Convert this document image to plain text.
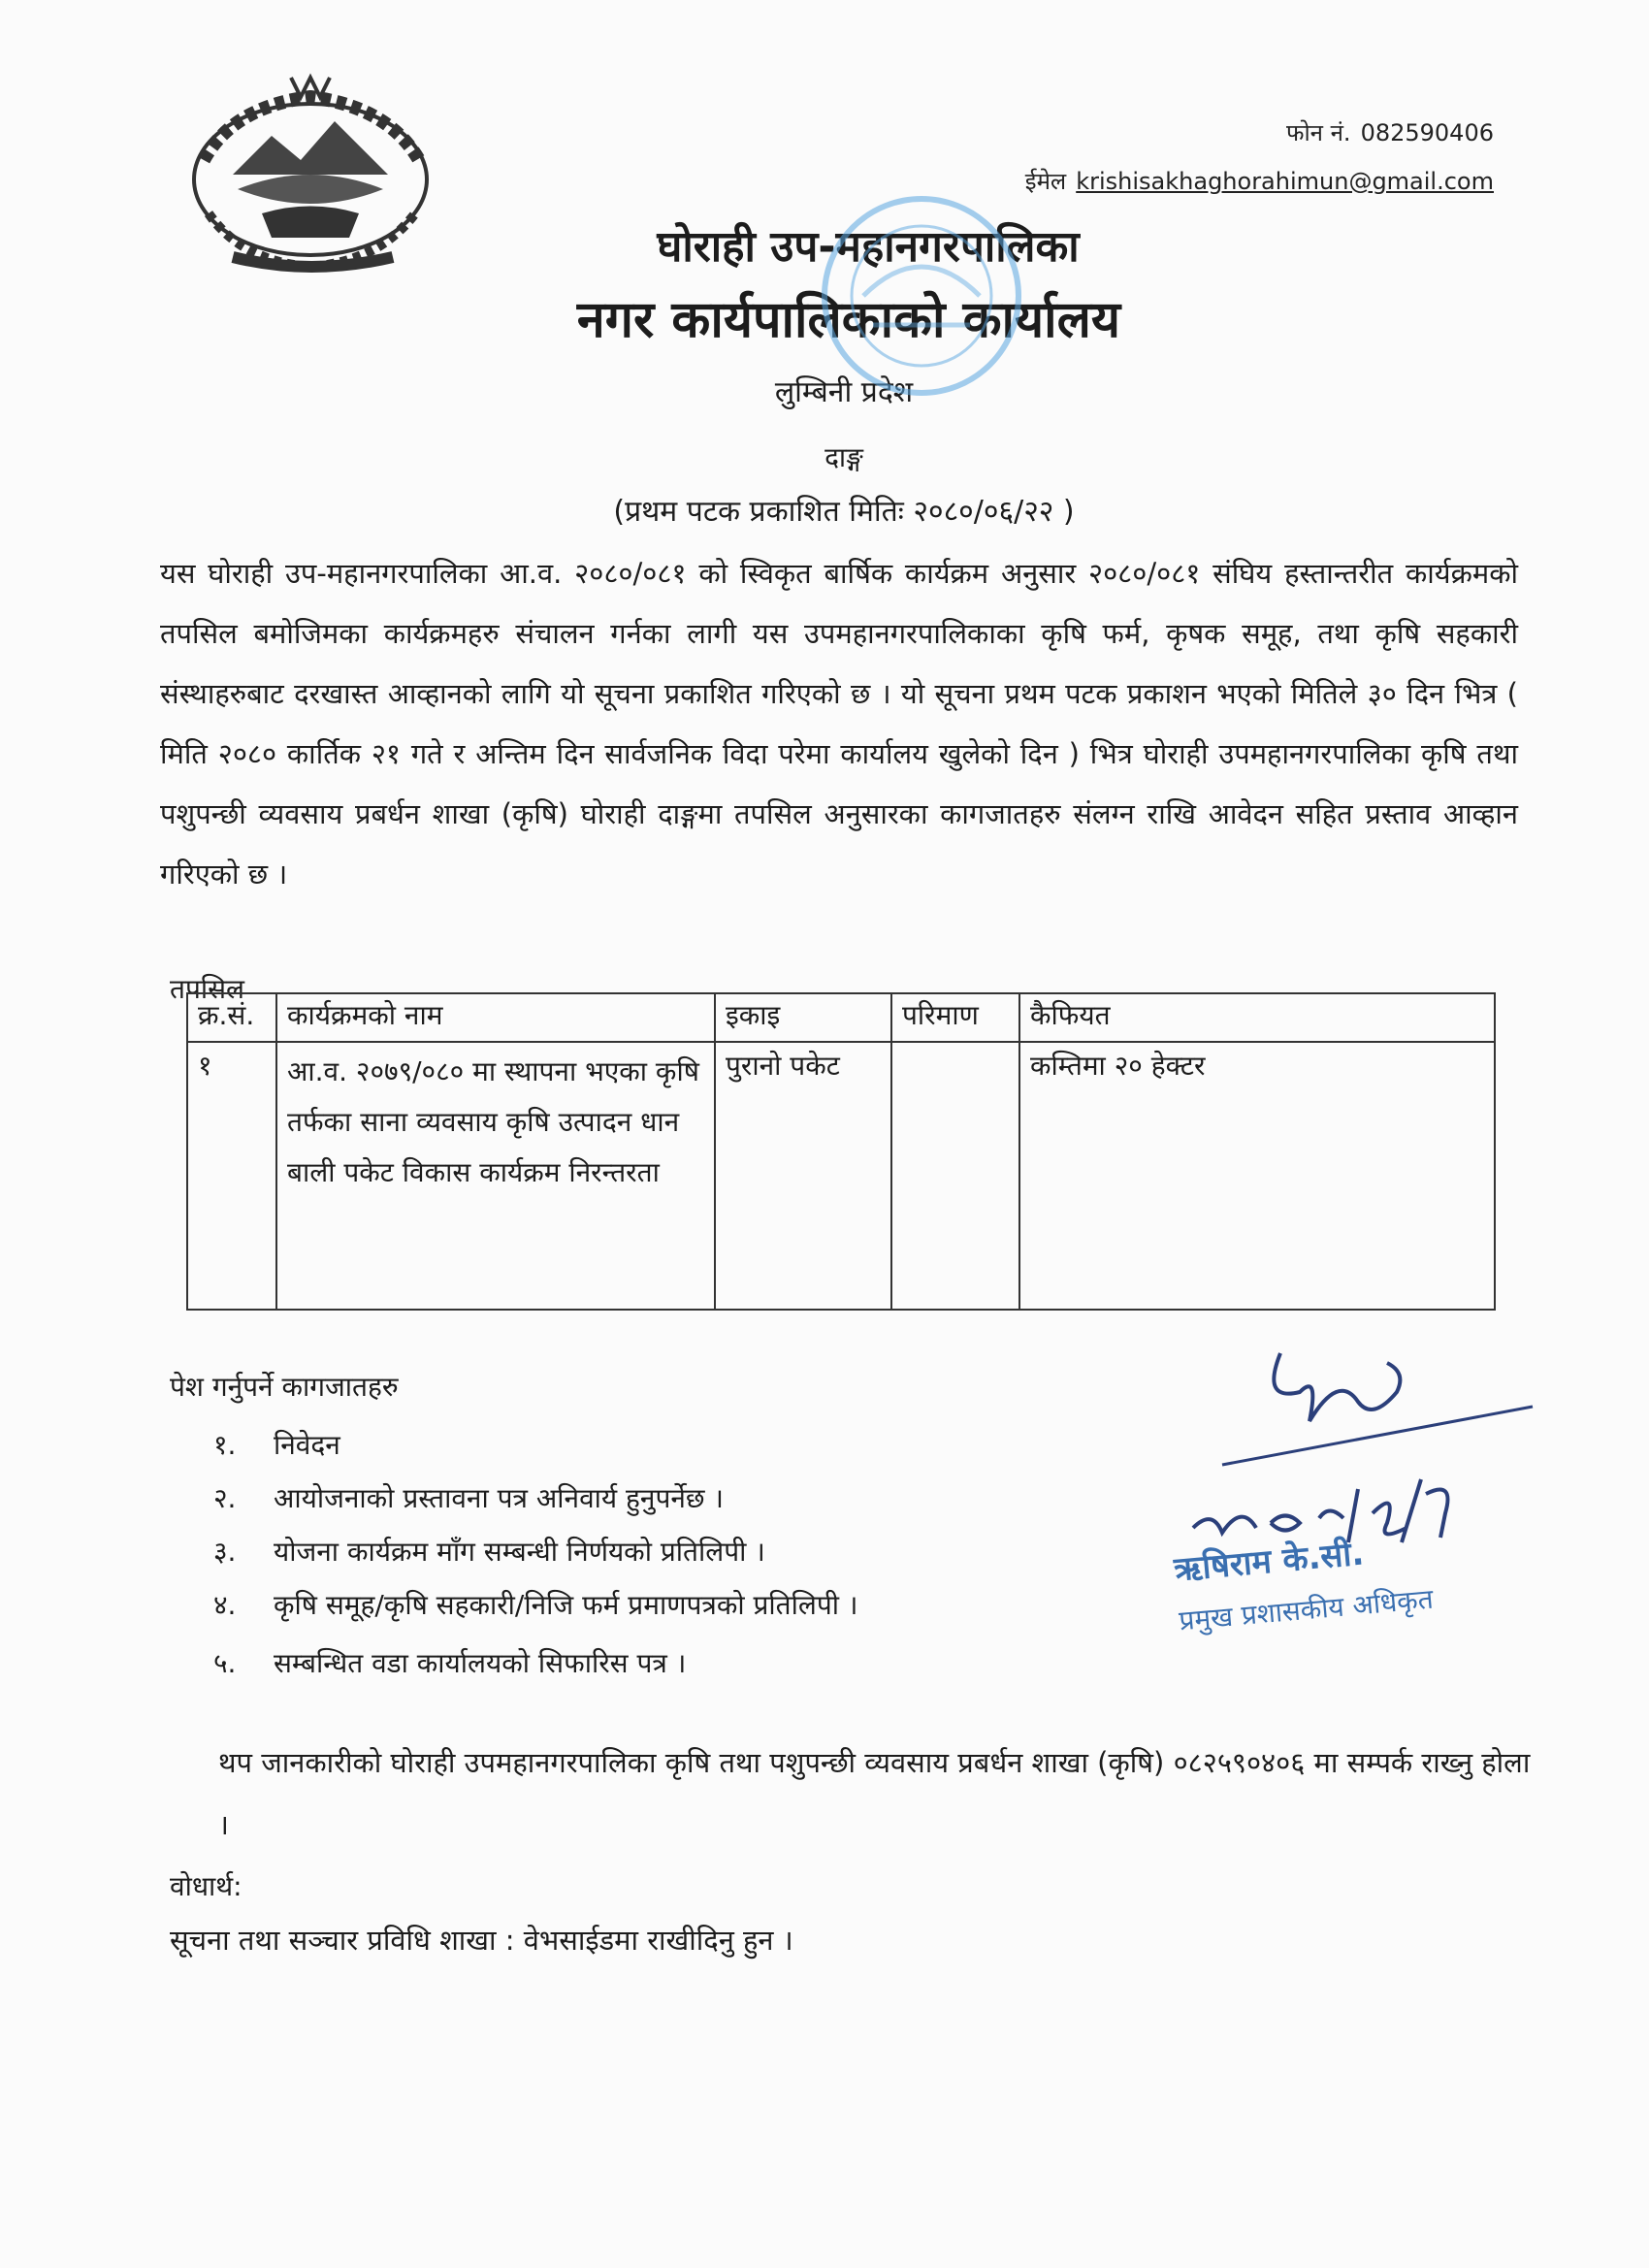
फोन नं. 082590406
ईमेल krishisakhaghorahimun@gmail.com
घोराही उप-महानगरपालिका
नगर कार्यपालिकाको कार्यालय
लुम्बिनी प्रदेश
दाङ्ग
(प्रथम पटक प्रकाशित मितिः २०८०/०६/२२ )
यस घोराही उप-महानगरपालिका आ.व. २०८०/०८१ को स्विकृत बार्षिक कार्यक्रम अनुसार २०८०/०८१ संघिय हस्तान्तरीत कार्यक्रमको तपसिल बमोजिमका कार्यक्रमहरु संचालन गर्नका लागी यस उपमहानगरपालिकाका कृषि फर्म, कृषक समूह, तथा कृषि सहकारी संस्थाहरुबाट दरखास्त आव्हानको लागि यो सूचना प्रकाशित गरिएको छ । यो सूचना प्रथम पटक प्रकाशन भएको मितिले ३० दिन भित्र ( मिति २०८० कार्तिक २१ गते र अन्तिम दिन सार्वजनिक विदा परेमा कार्यालय खुलेको दिन ) भित्र घोराही उपमहानगरपालिका कृषि तथा पशुपन्छी व्यवसाय प्रबर्धन शाखा (कृषि) घोराही दाङ्गमा तपसिल अनुसारका कागजातहरु संलग्न राखि आवेदन सहित प्रस्ताव आव्हान गरिएको छ ।
तपसिल
क्र.सं.	कार्यक्रमको नाम	इकाइ	परिमाण	कैफियत
१	आ.व. २०७९/०८० मा स्थापना भएका कृषि तर्फका साना व्यवसाय कृषि उत्पादन धान बाली पकेट विकास कार्यक्रम निरन्तरता	पुरानो पकेट		कम्तिमा २० हेक्टर
पेश गर्नुपर्ने कागजातहरु
१. निवेदन
२. आयोजनाको प्रस्तावना पत्र अनिवार्य हुनुपर्नेछ ।
३. योजना कार्यक्रम माँग सम्बन्धी निर्णयको प्रतिलिपी ।
४. कृषि समूह/कृषि सहकारी/निजि फर्म प्रमाणपत्रको प्रतिलिपी ।
५. सम्बन्धित वडा कार्यालयको सिफारिस पत्र ।
ऋषिराम के.सी.
प्रमुख प्रशासकीय अधिकृत
थप जानकारीको घोराही उपमहानगरपालिका कृषि तथा पशुपन्छी व्यवसाय प्रबर्धन शाखा (कृषि) ०८२५९०४०६ मा सम्पर्क राख्नु होला ।
वोधार्थ:
सूचना तथा सञ्चार प्रविधि शाखा : वेभसाईडमा राखीदिनु हुन ।
